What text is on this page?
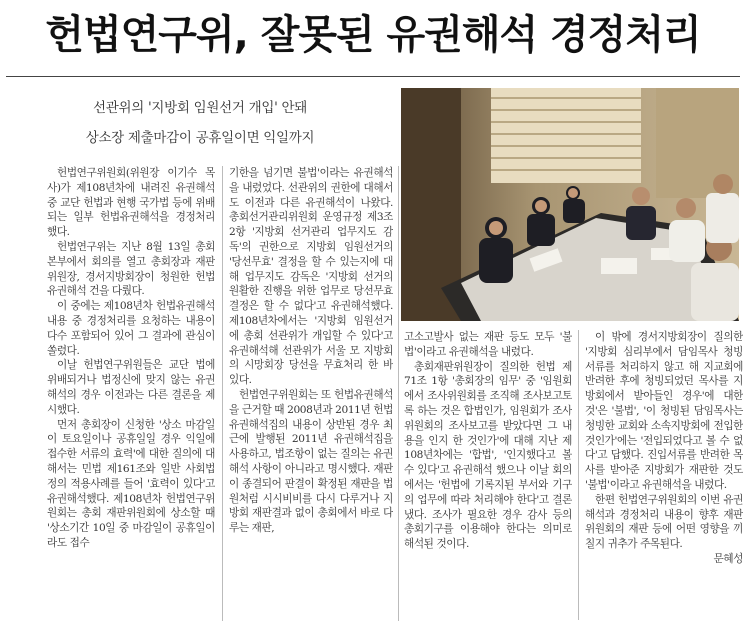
헌법연구위, 잘못된 유권해석 경정처리
선관위의 '지방회 임원선거 개입' 안돼
상소장 제출마감이 공휴일이면 익일까지

헌법연구위원회(위원장 이기수 목사)가 제108년차에 내려진 유권해석 중 교단 헌법과 현행 국가법 등에 위배되는 일부 헌법유권해석을 경정처리 했다.

헌법연구위는 지난 8월 13일 총회본부에서 회의를 열고 총회장과 재판위원장, 경서지방회장이 청원한 헌법유권해석 건을 다뤘다.

이 중에는 제108년차 헌법유권해석 내용 중 경정처리를 요청하는 내용이 다수 포함되어 있어 그 결과에 관심이 쏠렸다.

이날 헌법연구위원들은 교단 법에 위배되거나 법정신에 맞지 않는 유권해석의 경우 이전과는 다른 결론을 제시했다.

먼저 총회장이 신청한 '상소 마감일이 토요일이나 공휴일일 경우 익일에 접수한 서류의 효력'에 대한 질의에 대해서는 민법 제161조와 일반 사회법정의 적용사례를 들어 '효력이 있다'고 유권해석했다. 제108년차 헌법연구위원회는 총회 재판위원회에 상소할 때 '상소기간 10일 중 마감일이 공휴일이라도 접수

기한을 넘기면 불법'이라는 유권해석을 내렸었다. 선관위의 권한에 대해서도 이전과 다른 유권해석이 나왔다. 총회선거관리위원회 운영규정 제3조 2항 '지방회 선거관리 업무지도 감독'의 권한으로 지방회 임원선거의 '당선무효' 결정을 할 수 있는지에 대해 업무지도 감독은 '지방회 선거의 원활한 진행을 위한 업무로 당선무효 결정은 할 수 없다'고 유권해석했다. 제108년차에서는 '지방회 임원선거에 총회 선관위가 개입할 수 있다'고 유권해석해 선관위가 서울 모 지방회의 시망회장 당선을 무효처리 한 바 있다.

헌법연구위원회는 또 헌법유권해석을 근거할 때 2008년과 2011년 헌법유권해석집의 내용이 상반된 경우 최근에 발행된 2011년 유권해석집을 사용하고, 법조항이 없는 질의는 유권해석 사항이 아니라고 명시했다. 재판이 종결되어 판결이 확정된 재판을 법원처럼 시시비비를 다시 다루거나 지방회 재판결과 없이 총회에서 바로 다루는 재판,

고소고발사 없는 재판 등도 모두 '불법'이라고 유권해석을 내렸다.

총회재판위원장이 질의한 헌법 제71조 1항 '총회장의 임무' 중 '임원회에서 조사위원회를 조직해 조사보고토록 하는 것은 합법인가, 임원회가 조사위원회의 조사보고를 받았다면 그 내용을 인지 한 것인가'에 대해 지난 제108년차에는 '합법', '인지했다고 볼 수 있다'고 유권해석 했으나 이날 회의에서는 '헌법에 기록지된 부서와 기구의 업무에 따라 처리해야 한다'고 결론냈다. 조사가 필요한 경우 감사 등의 총회기구를 이용해야 한다는 의미로 해석된 것이다.

이 밖에 경서지방회장이 질의한 '지방회 심리부에서 담임목사 청빙서류를 처리하지 않고 해 지교회에 반려한 후에 청빙되었던 목사를 지방회에서 받아들인 경우'에 대한 것'은 '불법', '이 청빙된 담임목사는 청빙한 교회와 소속지방회에 전입한 것인가'에는 '전입되었다고 볼 수 없다'고 답했다. 진입서류를 반려한 목사를 받아준 지방회가 재판한 것도 '불법'이라고 유권해석을 내렸다.

한편 헌법연구위원회의 이번 유권해석과 경정처리 내용이 향후 재판위원회의 재판 등에 어떤 영향을 끼칠지 귀추가 주목된다.

문혜성
